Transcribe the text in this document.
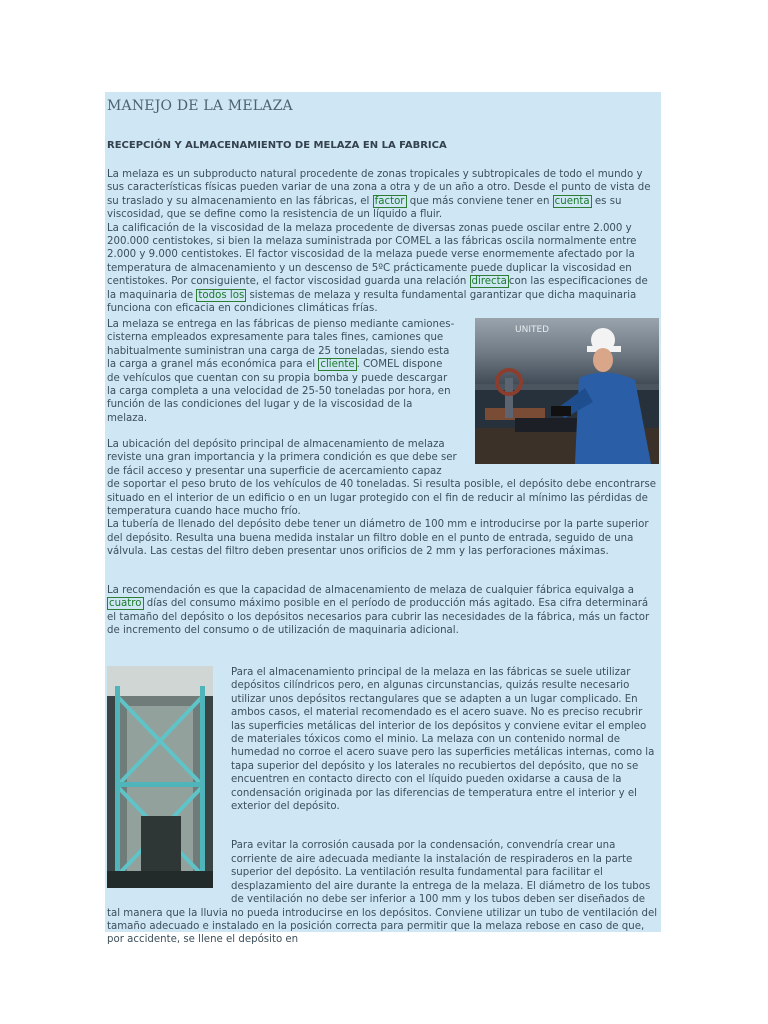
MANEJO DE LA MELAZA
RECEPCIÓN Y ALMACENAMIENTO DE MELAZA EN LA FABRICA

La melaza es un subproducto natural procedente de zonas tropicales y subtropicales de todo el mundo y sus características físicas pueden variar de una zona a otra y de un año a otro. Desde el punto de vista de su traslado y su almacenamiento en las fábricas, el factor que más conviene tener en cuenta es su viscosidad, que se define como la resistencia de un líquido a fluir.

La calificación de la viscosidad de la melaza procedente de diversas zonas puede oscilar entre 2.000 y 200.000 centistokes, si bien la melaza suministrada por COMEL a las fábricas oscila normalmente entre 2.000 y 9.000 centistokes. El factor viscosidad de la melaza puede verse enormemente afectado por la temperatura de almacenamiento y un descenso de 5ºC prácticamente puede duplicar la viscosidad en centistokes. Por consiguiente, el factor viscosidad guarda una relación directa con las especificaciones de la maquinaria de todos los sistemas de melaza y resulta fundamental garantizar que dicha maquinaria funciona con eficacia en condiciones climáticas frías.

La melaza se entrega en las fábricas de pienso mediante camiones-cisterna empleados expresamente para tales fines, camiones que habitualmente suministran una carga de 25 toneladas, siendo esta la carga a granel más económica para el cliente . COMEL dispone de vehículos que cuentan con su propia bomba y puede descargar la carga completa a una velocidad de 25-50 toneladas por hora, en función de las condiciones del lugar y de la viscosidad de la melaza.

La ubicación del depósito principal de almacenamiento de melaza reviste una gran importancia y la primera condición es que debe ser de fácil acceso y presentar una superficie de acercamiento capaz de soportar el peso bruto de los vehículos de 40 toneladas. Si resulta posible, el depósito debe encontrarse situado en el interior de un edificio o en un lugar protegido con el fin de reducir al mínimo las pérdidas de temperatura cuando hace mucho frío.

La tubería de llenado del depósito debe tener un diámetro de 100 mm e introducirse por la parte superior del depósito. Resulta una buena medida instalar un filtro doble en el punto de entrada, seguido de una válvula. Las cestas del filtro deben presentar unos orificios de 2 mm y las perforaciones máximas.

La recomendación es que la capacidad de almacenamiento de melaza de cualquier fábrica equivalga a cuatro días del consumo máximo posible en el período de producción más agitado. Esa cifra determinará el tamaño del depósito o los depósitos necesarios para cubrir las necesidades de la fábrica, más un factor de incremento del consumo o de utilización de maquinaria adicional.

Para el almacenamiento principal de la melaza en las fábricas se suele utilizar depósitos cilíndricos pero, en algunas circunstancias, quizás resulte necesario utilizar unos depósitos rectangulares que se adapten a un lugar complicado. En ambos casos, el material recomendado es el acero suave. No es preciso recubrir las superficies metálicas del interior de los depósitos y conviene evitar el empleo de materiales tóxicos como el minio. La melaza con un contenido normal de humedad no corroe el acero suave pero las superficies metálicas internas, como la tapa superior del depósito y los laterales no recubiertos del depósito, que no se encuentren en contacto directo con el líquido pueden oxidarse a causa de la condensación originada por las diferencias de temperatura entre el interior y el exterior del depósito.

Para evitar la corrosión causada por la condensación, convendría crear una corriente de aire adecuada mediante la instalación de respiraderos en la parte superior del depósito. La ventilación resulta fundamental para facilitar el desplazamiento del aire durante la entrega de la melaza. El diámetro de los tubos de ventilación no debe ser inferior a 100 mm y los tubos deben ser diseñados de tal manera que la lluvia no pueda introducirse en los depósitos. Conviene utilizar un tubo de ventilación del tamaño adecuado e instalado en la posición correcta para permitir que la melaza rebose en caso de que, por accidente, se llene el depósito en

UNITED
